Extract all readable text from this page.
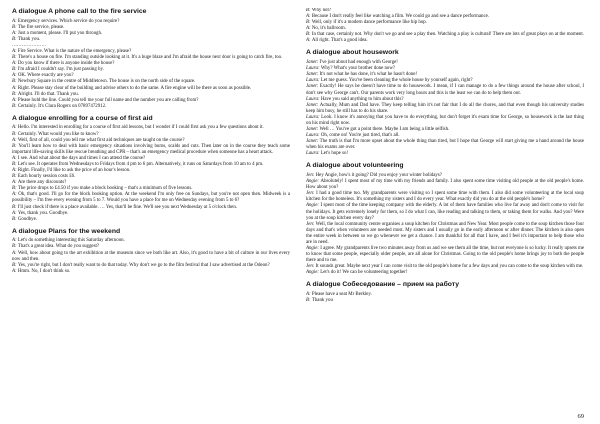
A dialogue A phone call to the fire service
A: Emergency services. Which service do you require?
B: The fire service, please.
A: Just a moment, please. I'll put you through.
B: Thank you.
…………………
A: Fire Service. What is the nature of the emergency, please?
B: There's a house on fire. I'm standing outside looking at it. It's a huge blaze and I'm afraid the house next door is going to catch fire, too.
A: Do you know if there is anyone inside the house?
B: I'm afraid I couldn't say. I'm just passing by.
A: OK. Where exactly are you?
B: Newbury Square in the centre of Middletown. The house is on the north side of the square.
A: Right. Please stay clear of the building and advise others to do the same. A fire engine will be there as soon as possible.
B: Alright. I'll do that. Thank you.
A: Please hold the line. Could you tell me your full name and the number you are calling from?
B: Certainly. It's Clara Rogers on 07897472912.
A dialogue enrolling for a course of first aid
A: Hello. I'm interested in enrolling for a course of first aid lessons, but I wonder if I could first ask you a few questions about it.
B: Certainly. What would you like to know?
A: Well, first of all, could you tell me what first aid techniques are taught on the course?
B: You'll learn how to deal with basic emergency situations involving burns, scalds and cuts. Then later on in the course they teach some important life-saving skills like rescue breathing and CPR – that's an emergency medical procedure when someone has a heart attack.
A: I see. And what about the days and times I can attend the course?
B: Let's see. It operates from Wednesdays to Fridays from 4 pm to 6 pm. Alternatively, it runs on Saturdays from 10 am to 4 pm.
A: Right. Finally, I'd like to ask the price of an hour's lesson.
B: Each hourly session costs £6.
A: Are there any discounts?
B: The price drops to £4.50 if you make a block booking – that's a minimum of five lessons.
A: Ok, that's good. I'll go for the block booking option. At the weekend I'm only free on Sundays, but you're not open then. Midweek is a possibility – I'm free every evening from 5 to 7. Would you have a place for me on Wednesday evening from 5 to 6?
B: I'll just check if there is a place available. … Yes, that'll be fine. We'll see you next Wednesday at 5 o'clock then.
A: Yes, thank you. Goodbye.
B: Goodbye.
A dialogue Plans for the weekend
A: Let's do something interesting this Saturday afternoon.
B: That's a great idea. What do you suggest?
A: Well, how about going to the art exhibition at the museum since we both like art. Also, it's good to have a bit of culture in our lives every now and then.
B: Yes, you're right, but I don't really want to do that today. Why don't we go to the film festival that I saw advertised at the Odeon?
A: Hmm. No, I don't think so.
B: Why not?
A: Because I don't really feel like watching a film. We could go and see a dance performance.
B: Well, only if it's a modern dance performance like hip hop.
A: No, it's ballroom.
B: In that case, certainly not. Why don't we go and see a play then. Watching a play is cultural! There are lots of great plays on at the moment.
A: All right. That's a good idea.
A dialogue about housework
Janet: I've just about had enough with George!
Laura: Why? What's your brother done now?
Janet: It's not what he has done, it's what he hasn't done!
Laura: Let me guess. You've been cleaning the whole house by yourself again, right?
Janet: Exactly! He says he doesn't have time to do housework. I mean, if I can manage to do a few things around the house after school, I don't see why George can't. Our parents work very long hours and this is the least we can do to help them out.
Laura: Have you said anything to him about this?
Janet: Actually, Mum and Dad have. They keep telling him it's not fair that I do all the chores, and that even though his university studies keep him busy, he still has to do his share.
Laura: Look. I know it's annoying that you have to do everything, but don't forget it's exam time for George, so housework is the last thing on his mind right now.
Janet: Well … You've got a point there. Maybe I am being a little selfish.
Laura: Oh, come on! You're just tired, that's all.
Janet: The truth is that I'm more upset about the whole thing than tired, but I hope that George will start giving me a hand around the house when his exams are over.
Laura: Let's hope so!
A dialogue about volunteering
Jen: Hey Angie, how's it going? Did you enjoy your winter holidays?
Angie: Absolutely! I spent most of my time with my friends and family. I also spent some time visiting old people at the old people's home. How about you?
Jen: I had a good time too. My grandparents were visiting so I spent some time with them. I also did some volunteering at the local soup kitchen for the homeless. It's something my sisters and I do every year. What exactly did you do at the old people's home?
Angie: I spent most of the time keeping company with the elderly. A lot of them have families who live far away and don't come to visit for the holidays. It gets extremely lonely for them, so I do what I can, like reading and talking to them, or taking them for walks. And you? Were you at the soup kitchen every day?
Jen: Well, the local community centre organises a soup kitchen for Christmas and New Year. Most people come to the soup kitchen those four days and that's when volunteers are needed most. My sisters and I usually go in the early afternoon or after dinner. The kitchen is also open the entire week in between so we go whenever we get a chance. I am thankful for all that I have, and I feel it's important to help those who are in need.
Angie: I agree. My grandparents live two minutes away from us and we see them all the time, but not everyone is so lucky. It really upsets me to know that some people, especially older people, are all alone for Christmas. Going to the old people's home brings joy to both the people there and to me.
Jen: It sounds great. Maybe next year I can come visit to the old people's home for a few days and you can come to the soup kitchen with me.
Angie: Let's do it! We can be volunteering together!
A dialogue Собеседование – прием на работу
A: Please have a seat Mr Berkley.
B: Thank you
69
